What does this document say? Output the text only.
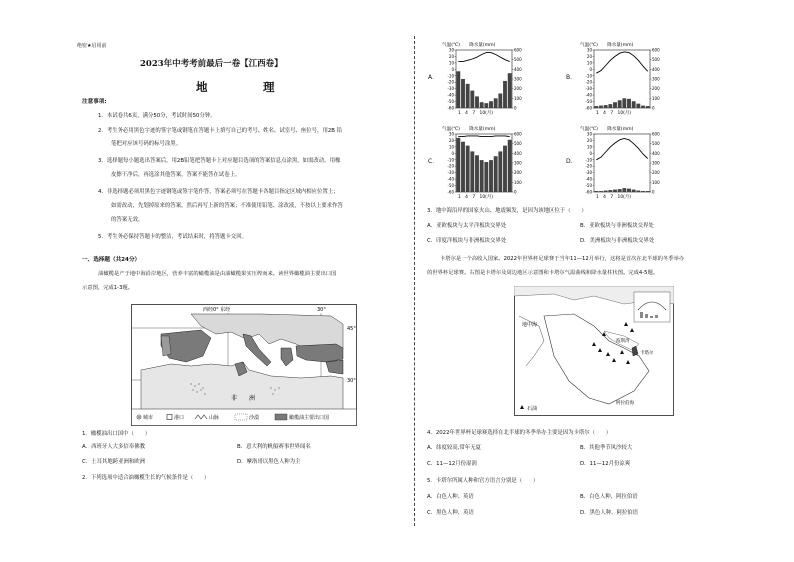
绝密★启用前
2023年中考考前最后一卷【江西卷】
地　理
注意事项:
1．本试卷共6页，满分50分，考试时间50分钟。
2．考生务必用黑色字迹的签字笔或钢笔在答题卡上填写自己的考号、姓名、试室号、座位号，用2B 铅
笔把对应该号码的标号涂黑。
3．选择题每小题选出答案后，用2B铅笔把答题卡上对应题目选项的答案信息点涂黑，如需改动，用橡
皮擦干净后，再选涂其他答案，答案不能答在试卷上。
4．非选择题必须用黑色字迹钢笔或签字笔作答，答案必须写在答题卡各题目指定区域内相应位置上；
如需改动，先划掉原来的答案，然后再写上新的答案；不准使用铅笔、涂改液，不按以上要求作答
的答案无效。
5．考生务必保持答题卡的整洁，考试结束时，将答题卡交回。
一、选择题（共24分）
油橄榄是产于地中海沿岸地区，营养丰富的橄榄油是由油橄榄果实压榨而来。读世界橄榄油主要出口国
示意图，完成1-3题。
西经0° 东经	30°
45°
30°
非　　洲
城市	港口	山脉	沙漠	橄榄油主要出口国
1．橄榄油出口国中（　　）
A．西班牙人大多信奉佛教	B．意大利的帆船赛事世界闻名
C．土耳其地跨亚洲和欧洲	D．摩洛哥以黑色人种为主
2．下列选项中适合油橄榄生长的气候条件是（　　）
A．	B．
C．	D．
气温(℃)　　降水量(mm)
30
20
10
0
-10
-20
-30
-40
-50
-60
600
500
400
300
200
100
0
1　4　7　10(月)
气温(℃)　　降水量(mm)
30
20
10
0
-10
-20
-30
-40
-50
-60
600
500
400
300
200
100
0
1　4　7　10(月)
气温(℃)　　降水量(mm)
30
20
10
0
-10
-20
-30
-40
-50
-60
600
500
400
300
200
100
0
1　4　7　10(月)
气温(℃)　　降水量(mm)
30
20
10
0
-10
-20
-30
-40
-50
-60
600
500
400
300
200
100
0
1　4　7　10(月)
3．地中海沿岸的国家火山、地震频发，是因为该地区位于（　　）
A．亚欧板块与太平洋板块交界处	B．亚欧板块与非洲板块交界处
C．印度洋板块与非洲板块交界处	D．美洲板块与非洲板块交界处
卡塔尔是一个高收入国家。2022年世界杯足球赛于当年11—12月举行，这将是首次在北半球的冬季举办
的世界杯足球赛。右图是卡塔尔及周边地区示意图和卡塔尔气温曲线和降水量柱状图。完成4-5题。
地中海
波斯湾
卡塔尔
阿拉伯海
石油
4．2022年世界杯足球赛选择在北半球的冬季举办主要是因为卡塔尔（　　）
A．纬度较高,常年无夏	B．其他季节风沙较大
C．11—12月份湿润	D．11—12月份凉爽
5．卡塔尔所属人种和官方语言分别是（　　）
A．白色人种、英语	B．白色人种、阿拉伯语
C．黑色人种、英语	D．黑色人种、阿拉伯语
